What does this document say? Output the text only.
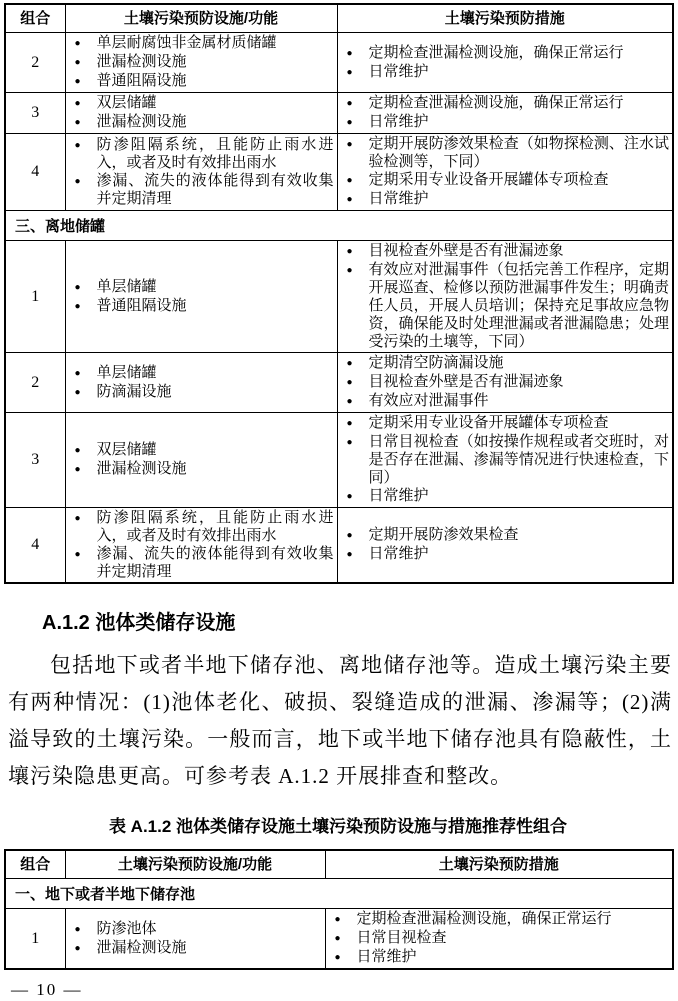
组合	土壤污染预防设施/功能	土壤污染预防措施
2	
●	单层耐腐蚀非金属材质储罐
●	泄漏检测设施
●	普通阻隔设施

●	定期检查泄漏检测设施，确保正常运行
●	日常维护

3	
●	双层储罐
●	泄漏检测设施

●	定期检查泄漏检测设施，确保正常运行
●	日常维护

4	
●	防渗阻隔系统，且能防止雨水进入，或者及时有效排出雨水
●	渗漏、流失的液体能得到有效收集并定期清理

●	定期开展防渗效果检查（如物探检测、注水试验检测等，下同）
●	定期采用专业设备开展罐体专项检查
●	日常维护

三、离地储罐		
1	
●	单层储罐
●	普通阻隔设施

●	目视检查外壁是否有泄漏迹象
●	有效应对泄漏事件（包括完善工作程序，定期开展巡查、检修以预防泄漏事件发生；明确责任人员，开展人员培训；保持充足事故应急物资，确保能及时处理泄漏或者泄漏隐患；处理受污染的土壤等，下同）

2	
●	单层储罐
●	防滴漏设施

●	定期清空防滴漏设施
●	目视检查外壁是否有泄漏迹象
●	有效应对泄漏事件

3	
●	双层储罐
●	泄漏检测设施

●	定期采用专业设备开展罐体专项检查
●	日常目视检查（如按操作规程或者交班时，对是否存在泄漏、渗漏等情况进行快速检查，下同）
●	日常维护

4	
●	防渗阻隔系统，且能防止雨水进入，或者及时有效排出雨水
●	渗漏、流失的液体能得到有效收集并定期清理

●	定期开展防渗效果检查
●	日常维护
A.1.2 池体类储存设施
包括地下或者半地下储存池、离地储存池等。造成土壤污染主要有两种情况：(1)池体老化、破损、裂缝造成的泄漏、渗漏等；(2)满溢导致的土壤污染。一般而言，地下或半地下储存池具有隐蔽性，土壤污染隐患更高。可参考表 A.1.2 开展排查和整改。
表 A.1.2 池体类储存设施土壤污染预防设施与措施推荐性组合
组合	土壤污染预防设施/功能	土壤污染预防措施
一、地下或者半地下储存池		
1	
●	防渗池体
●	泄漏检测设施

●	定期检查泄漏检测设施，确保正常运行
●	日常目视检查
●	日常维护
— 10 —
